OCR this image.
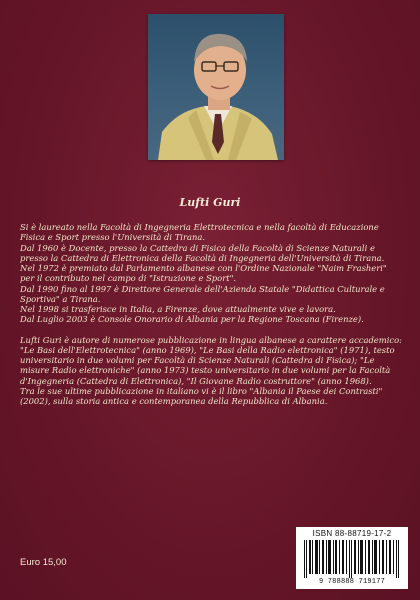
Lufti Guri

Si è laureato nella Facoltà di Ingegneria Elettrotecnica e nella facoltà di Educazione Fisica e Sport presso l'Università di Tirana.

Dal 1960 è Docente, presso la Cattedra di Fisica della Facoltà di Scienze Naturali e presso la Cattedra di Elettronica della Facoltà di Ingegneria dell'Università di Tirana.

Nel 1972 è premiato dal Parlamento albanese con l'Ordine Nazionale "Naim Frasheri" per il contributo nel campo di "Istruzione e Sport".

Dal 1990 fino al 1997 è Direttore Generale dell'Azienda Statale "Didattica Culturale e Sportiva" a Tirana.

Nel 1998 si trasferisce in Italia, a Firenze, dove attualmente vive e lavora.

Dal Luglio 2003 è Console Onorario di Albania per la Regione Toscana (Firenze).

Lufti Guri è autore di numerose pubblicazione in lingua albanese a carattere accademico: "Le Basi dell'Elettrotecnica" (anno 1969), "Le Basi della Radio elettronica" (1971), testo universitario in due volumi per Facoltà di Scienze Naturali (Cattedra di Fisica); "Le misure Radio elettroniche" (anno 1973) testo universitario in due volumi per la Facoltà d'Ingegneria (Cattedra di Elettronica), "Il Giovane Radio costruttore" (anno 1968).

Tra le sue ultime pubblicazione in italiano vi è il libro "Albania il Paese dei Contrasti" (2002), sulla storia antica e contemporanea della Repubblica di Albania.

Euro 15,00
ISBN 88-88719-17-2
9 788888 719177
